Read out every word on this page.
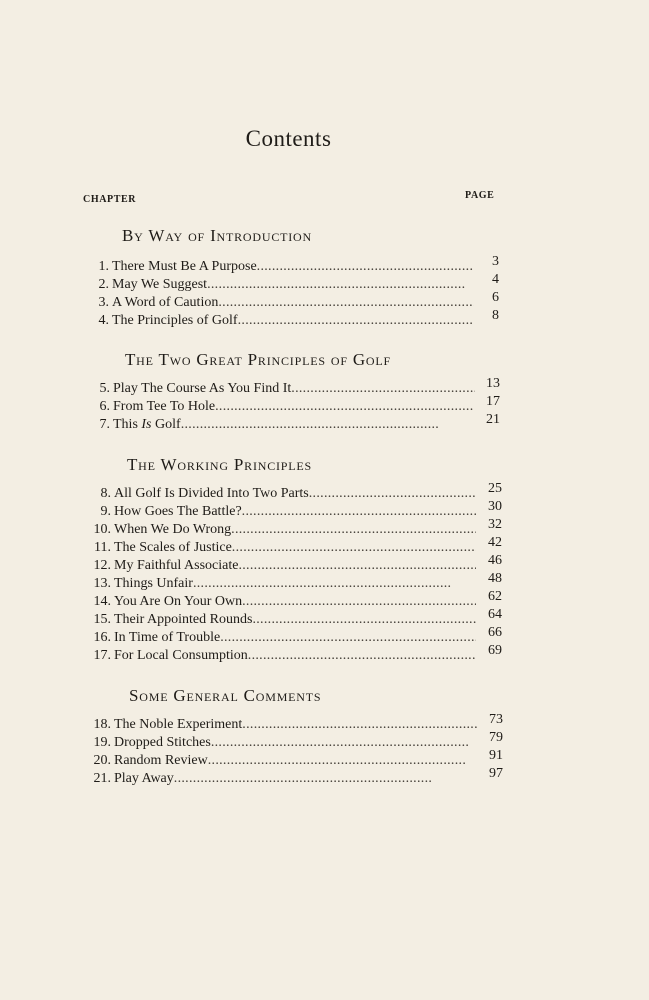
Contents
CHAPTER	PAGE
By Way of Introduction
1. There Must Be A Purpose . . .	3
2. May We Suggest . . .	4
3. A Word of Caution . . .	6
4. The Principles of Golf . . .	8
The Two Great Principles of Golf
5. Play The Course As You Find It . . .	13
6. From Tee To Hole . . .	17
7. This Is Golf . . .	21
The Working Principles
8. All Golf Is Divided Into Two Parts . . .	25
9. How Goes The Battle? . . .	30
10. When We Do Wrong . . .	32
11. The Scales of Justice . . .	42
12. My Faithful Associate . . .	46
13. Things Unfair . . .	48
14. You Are On Your Own . . .	62
15. Their Appointed Rounds . . .	64
16. In Time of Trouble . . .	66
17. For Local Consumption . . .	69
Some General Comments
18. The Noble Experiment . . .	73
19. Dropped Stitches . . .	79
20. Random Review . . .	91
21. Play Away . . .	97
